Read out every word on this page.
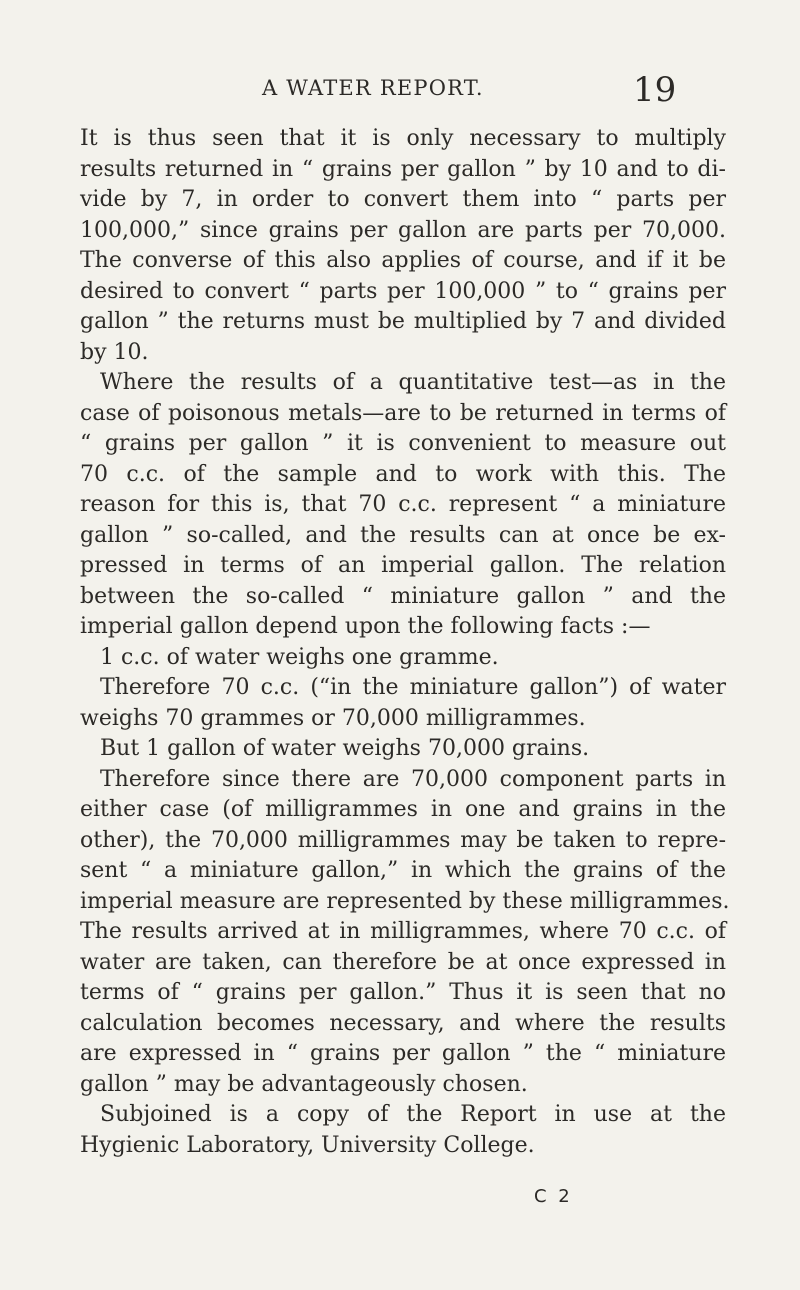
A WATER REPORT.	19
It is thus seen that it is only necessary to multiply
results returned in “ grains per gallon ” by 10 and to di-
vide by 7, in order to convert them into “ parts per
100,000,” since grains per gallon are parts per 70,000.
The converse of this also applies of course, and if it be
desired to convert “ parts per 100,000 ” to “ grains per
gallon ” the returns must be multiplied by 7 and divided
by 10.
Where the results of a quantitative test—as in the
case of poisonous metals—are to be returned in terms of
“ grains per gallon ” it is convenient to measure out
70 c.c. of the sample and to work with this. The
reason for this is, that 70 c.c. represent “ a miniature
gallon ” so-called, and the results can at once be ex-
pressed in terms of an imperial gallon. The relation
between the so-called “ miniature gallon ” and the
imperial gallon depend upon the following facts :—
1 c.c. of water weighs one gramme.
Therefore 70 c.c. (“in the miniature gallon”) of water
weighs 70 grammes or 70,000 milligrammes.
But 1 gallon of water weighs 70,000 grains.
Therefore since there are 70,000 component parts in
either case (of milligrammes in one and grains in the
other), the 70,000 milligrammes may be taken to repre-
sent “ a miniature gallon,” in which the grains of the
imperial measure are represented by these milligrammes.
The results arrived at in milligrammes, where 70 c.c. of
water are taken, can therefore be at once expressed in
terms of “ grains per gallon.” Thus it is seen that no
calculation becomes necessary, and where the results
are expressed in “ grains per gallon ” the “ miniature
gallon ” may be advantageously chosen.
Subjoined is a copy of the Report in use at the
Hygienic Laboratory, University College.
C 2
